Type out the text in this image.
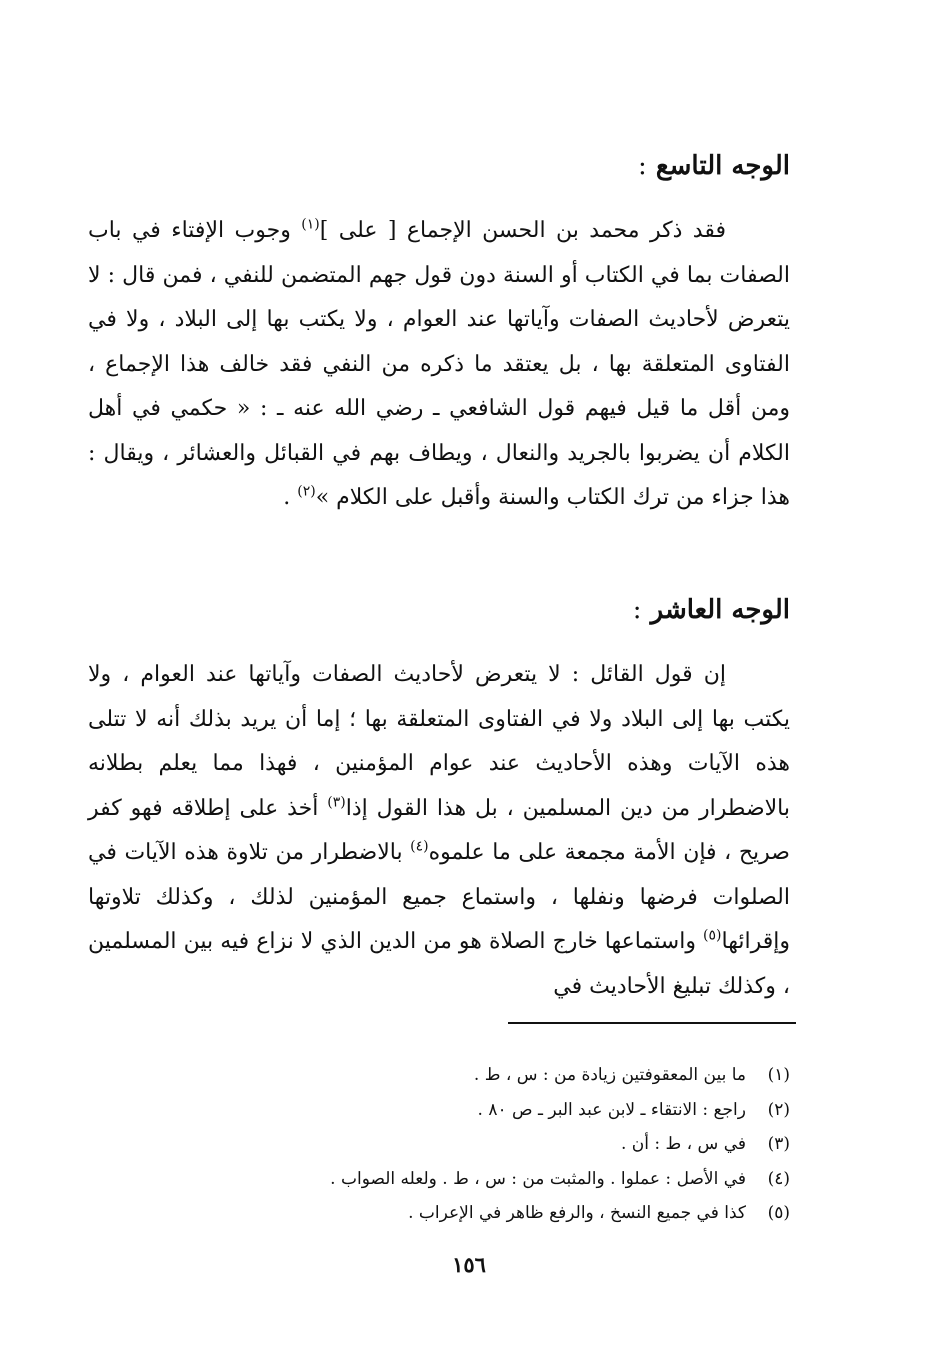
الوجه التاسع :

فقد ذكر محمد بن الحسن الإجماع [ على ]$^{(١)}$ وجوب الإفتاء في باب الصفات بما في الكتاب أو السنة دون قول جهم المتضمن للنفي ، فمن قال : لا يتعرض لأحاديث الصفات وآياتها عند العوام ، ولا يكتب بها إلى البلاد ، ولا في الفتاوى المتعلقة بها ، بل يعتقد ما ذكره من النفي فقد خالف هذا الإجماع ، ومن أقل ما قيل فيهم قول الشافعي ـ رضي الله عنه ـ : « حكمي في أهل الكلام أن يضربوا بالجريد والنعال ، ويطاف بهم في القبائل والعشائر ، ويقال : هذا جزاء من ترك الكتاب والسنة وأقبل على الكلام »$^{(٢)}$ .

الوجه العاشر :

إن قول القائل : لا يتعرض لأحاديث الصفات وآياتها عند العوام ، ولا يكتب بها إلى البلاد ولا في الفتاوى المتعلقة بها ؛ إما أن يريد بذلك أنه لا تتلى هذه الآيات وهذه الأحاديث عند عوام المؤمنين ، فهذا مما يعلم بطلانه بالاضطرار من دين المسلمين ، بل هذا القول إذا$^{(٣)}$ أخذ على إطلاقه فهو كفر صريح ، فإن الأمة مجمعة على ما علموه$^{(٤)}$ بالاضطرار من تلاوة هذه الآيات في الصلوات فرضها ونفلها ، واستماع جميع المؤمنين لذلك ، وكذلك تلاوتها وإقرائها$^{(٥)}$ واستماعها خارج الصلاة هو من الدين الذي لا نزاع فيه بين المسلمين ، وكذلك تبليغ الأحاديث في

(١)
ما بين المعقوفتين زيادة من : س ، ط .
(٢)
راجع : الانتقاء ـ لابن عبد البر ـ ص ٨٠ .
(٣)
في س ، ط : أن .
(٤)
في الأصل : عملوا . والمثبت من : س ، ط . ولعله الصواب .
(٥)
كذا في جميع النسخ ، والرفع ظاهر في الإعراب .
١٥٦
